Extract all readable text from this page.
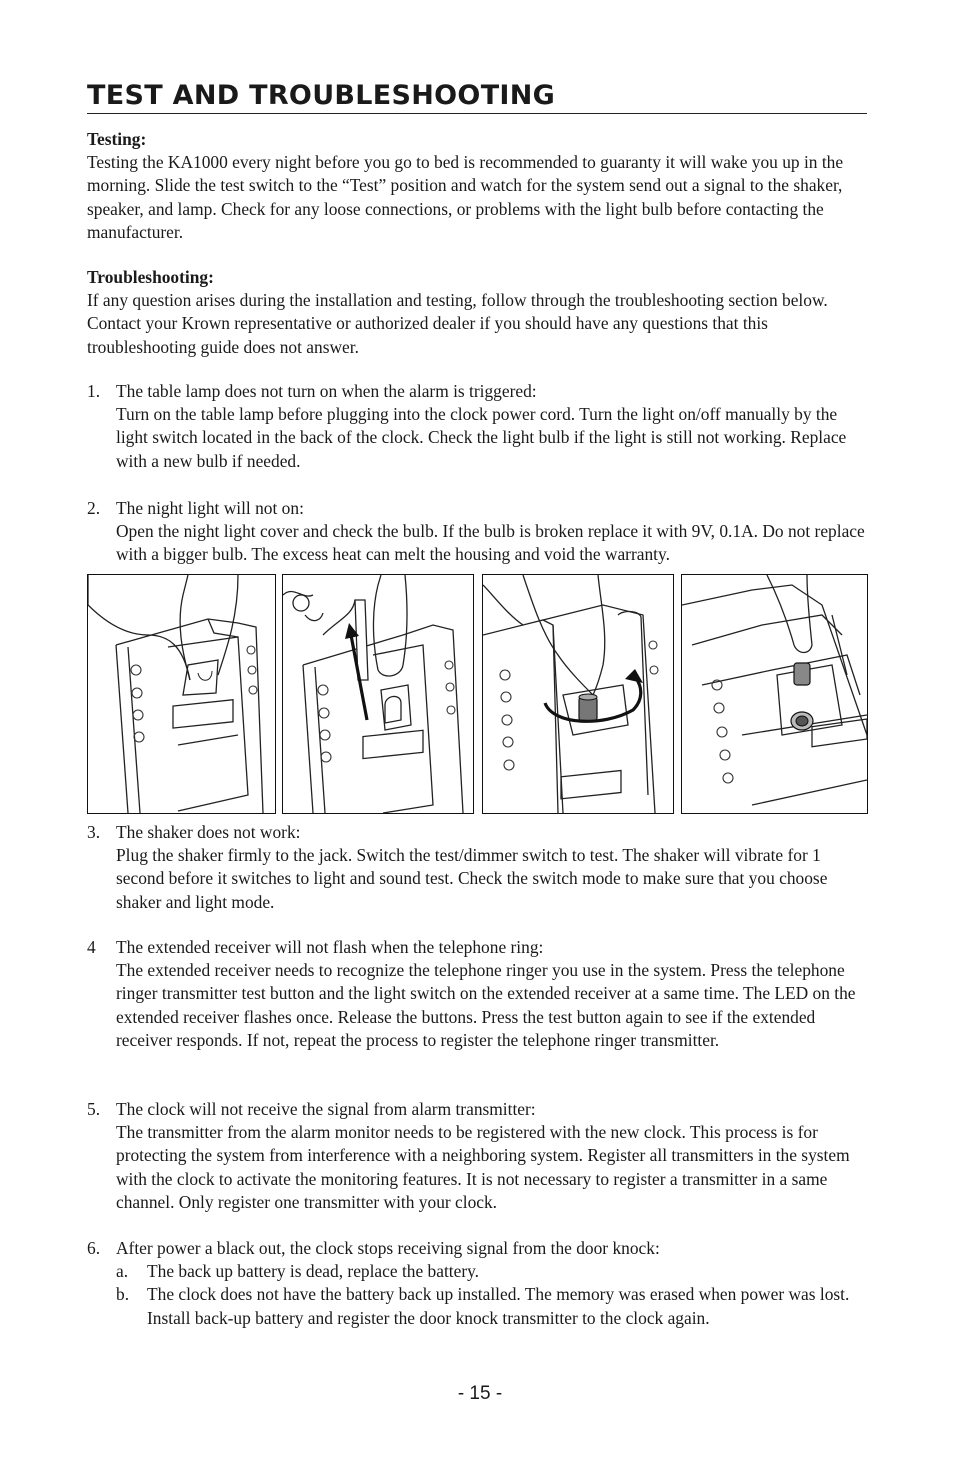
TEST AND TROUBLESHOOTING
Testing:
Testing the KA1000 every night before you go to bed is recommended to guaranty it will wake you up in the morning. Slide the test switch to the “Test” position and watch for the system send out a signal to the shaker, speaker, and lamp. Check for any loose connections, or problems with the light bulb before contacting the manufacturer.
Troubleshooting:
If any question arises during the installation and testing, follow through the troubleshooting section below. Contact your Krown representative or authorized dealer if you should have any questions that this troubleshooting guide does not answer.
1. The table lamp does not turn on when the alarm is triggered:
Turn on the table lamp before plugging into the clock power cord. Turn the light on/off manually by the light switch located in the back of the clock. Check the light bulb if the light is still not working. Replace with a new bulb if needed.
2. The night light will not on:
Open the night light cover and check the bulb. If the bulb is broken replace it with 9V, 0.1A. Do not replace with a bigger bulb. The excess heat can melt the housing and void the warranty.
3. The shaker does not work:
Plug the shaker firmly to the jack. Switch the test/dimmer switch to test. The shaker will vibrate for 1 second before it switches to light and sound test. Check the switch mode to make sure that you choose shaker and light mode.
4	The extended receiver will not flash when the telephone ring:
The extended receiver needs to recognize the telephone ringer you use in the system. Press the telephone ringer transmitter test button and the light switch on the extended receiver at a same time. The LED on the extended receiver flashes once. Release the buttons. Press the test button again to see if the extended receiver responds. If not, repeat the process to register the telephone ringer transmitter.
5. The clock will not receive the signal from alarm transmitter:
The transmitter from the alarm monitor needs to be registered with the new clock. This process is for protecting the system from interference with a neighboring system. Register all transmitters in the system with the clock to activate the monitoring features. It is not necessary to register a transmitter in a same channel. Only register one transmitter with your clock.
6. After power a black out, the clock stops receiving signal from the door knock:
a. The back up battery is dead, replace the battery.
b. The clock does not have the battery back up installed. The memory was erased when power was lost. Install back-up battery and register the door knock transmitter to the clock again.
- 15 -
